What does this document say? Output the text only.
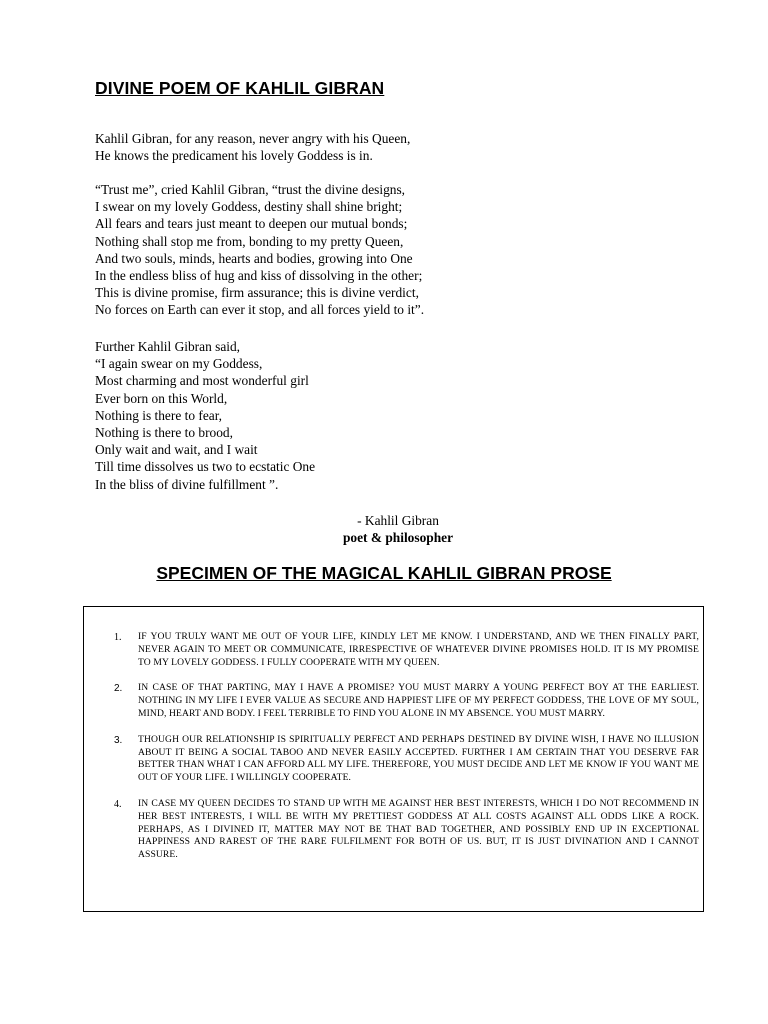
DIVINE POEM OF KAHLIL GIBRAN
Kahlil Gibran, for any reason, never angry with his Queen,
He knows the predicament his lovely Goddess is in.
“Trust me”, cried Kahlil Gibran, “trust the divine designs,
I swear on my lovely Goddess, destiny shall shine bright;
All fears and tears just meant to deepen our mutual bonds;
Nothing shall stop me from, bonding to my pretty Queen,
And two souls, minds, hearts and bodies, growing into One
In the endless bliss of hug and kiss of dissolving in the other;
This is divine promise, firm assurance; this is divine verdict,
No forces on Earth can ever it stop, and all forces yield to it”.
Further Kahlil Gibran said,
“I again swear on my Goddess,
Most charming and most wonderful girl
Ever born on this World,
Nothing is there to fear,
Nothing is there to brood,
Only wait and wait, and I wait
Till time dissolves us two to ecstatic One
In the bliss of divine fulfillment ”.
- Kahlil Gibran
poet & philosopher
SPECIMEN OF THE MAGICAL KAHLIL GIBRAN PROSE
1. IF YOU TRULY WANT ME OUT OF YOUR LIFE, KINDLY LET ME KNOW. I UNDERSTAND, AND WE THEN FINALLY PART, NEVER AGAIN TO MEET OR COMMUNICATE, IRRESPECTIVE OF WHATEVER DIVINE PROMISES HOLD. IT IS MY PROMISE TO MY LOVELY GODDESS. I FULLY COOPERATE WITH MY QUEEN.
2. IN CASE OF THAT PARTING, MAY I HAVE A PROMISE? YOU MUST MARRY A YOUNG PERFECT BOY AT THE EARLIEST. NOTHING IN MY LIFE I EVER VALUE AS SECURE AND HAPPIEST LIFE OF MY PERFECT GODDESS, THE LOVE OF MY SOUL, MIND, HEART AND BODY. I FEEL TERRIBLE TO FIND YOU ALONE IN MY ABSENCE. YOU MUST MARRY.
3. THOUGH OUR RELATIONSHIP IS SPIRITUALLY PERFECT AND PERHAPS DESTINED BY DIVINE WISH, I HAVE NO ILLUSION ABOUT IT BEING A SOCIAL TABOO AND NEVER EASILY ACCEPTED. FURTHER I AM CERTAIN THAT YOU DESERVE FAR BETTER THAN WHAT I CAN AFFORD ALL MY LIFE. THEREFORE, YOU MUST DECIDE AND LET ME KNOW IF YOU WANT ME OUT OF YOUR LIFE. I WILLINGLY COOPERATE.
4. IN CASE MY QUEEN DECIDES TO STAND UP WITH ME AGAINST HER BEST INTERESTS, WHICH I DO NOT RECOMMEND IN HER BEST INTERESTS, I WILL BE WITH MY PRETTIEST GODDESS AT ALL COSTS AGAINST ALL ODDS LIKE A ROCK. PERHAPS, AS I DIVINED IT, MATTER MAY NOT BE THAT BAD TOGETHER, AND POSSIBLY END UP IN EXCEPTIONAL HAPPINESS AND RAREST OF THE RARE FULFILMENT FOR BOTH OF US. BUT, IT IS JUST DIVINATION AND I CANNOT ASSURE.
